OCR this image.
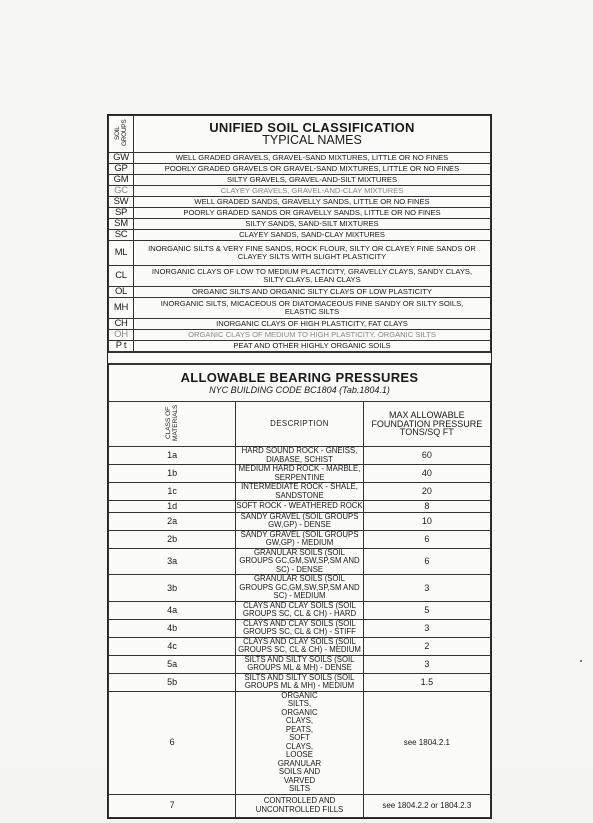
SOIL GROUPS	UNIFIED SOIL CLASSIFICATION
TYPICAL NAMES

GW	WELL GRADED GRAVELS, GRAVEL-SAND MIXTURES, LITTLE OR NO FINES
GP	POORLY GRADED GRAVELS OR GRAVEL-SAND MIXTURES, LITTLE OR NO FINES
GM	SILTY GRAVELS, GRAVEL-AND-SILT MIXTURES
GC	CLAYEY GRAVELS, GRAVEL-AND-CLAY MIXTURES
SW	WELL GRADED SANDS, GRAVELLY SANDS, LITTLE OR NO FINES
SP	POORLY GRADED SANDS OR GRAVELLY SANDS, LITTLE OR NO FINES
SM	SILTY SANDS, SAND-SILT MIXTURES
SC	CLAYEY SANDS, SAND-CLAY MIXTURES
ML	INORGANIC SILTS & VERY FINE SANDS, ROCK FLOUR, SILTY OR CLAYEY FINE SANDS OR CLAYEY SILTS WITH SLIGHT PLASTICITY
CL	INORGANIC CLAYS OF LOW TO MEDIUM PLACTICITY, GRAVELLY CLAYS, SANDY CLAYS, SILTY CLAYS, LEAN CLAYS
OL	ORGANIC SILTS AND ORGANIC SILTY CLAYS OF LOW PLASTICITY
MH	INORGANIC SILTS, MICACEOUS OR DIATOMACEOUS FINE SANDY OR SILTY SOILS, ELASTIC SILTS
CH	INORGANIC CLAYS OF HIGH PLASTICITY, FAT CLAYS
OH	ORGANIC CLAYS OF MEDIUM TO HIGH PLASTICITY, ORGANIC SILTS
P t	PEAT AND OTHER HIGHLY ORGANIC SOILS
ALLOWABLE BEARING PRESSURES
NYC BUILDING CODE BC1804 (Tab.1804.1)		

CLASS OF MATERIALS	DESCRIPTION	MAX ALLOWABLE FOUNDATION PRESSURE TONS/SQ FT
1a	HARD SOUND ROCK - GNEISS, DIABASE, SCHIST	60
1b	MEDIUM HARD ROCK - MARBLE, SERPENTINE	40
1c	INTERMEDIATE ROCK - SHALE, SANDSTONE	20
1d	SOFT ROCK - WEATHERED ROCK	8
2a	SANDY GRAVEL (SOIL GROUPS GW,GP) - DENSE	10
2b	SANDY GRAVEL (SOIL GROUPS GW,GP) - MEDIUM	6
3a	GRANULAR SOILS (SOIL GROUPS GC,GM,SW,SP,SM AND SC) - DENSE	6
3b	GRANULAR SOILS (SOIL GROUPS GC,GM,SW,SP,SM AND SC) - MEDIUM	3
4a	CLAYS AND CLAY SOILS (SOIL GROUPS SC, CL & CH) - HARD	5
4b	CLAYS AND CLAY SOILS (SOIL GROUPS SC, CL & CH) - STIFF	3
4c	CLAYS AND CLAY SOILS (SOIL GROUPS SC, CL & CH) - MEDIUM	2
5a	SILTS AND SILTY SOILS (SOIL GROUPS ML & MH) - DENSE	3
5b	SILTS AND SILTY SOILS (SOIL GROUPS ML & MH) - MEDIUM	1.5
6	ORGANIC SILTS, ORGANIC CLAYS, PEATS, SOFT CLAYS, LOOSE GRANULAR SOILS AND VARVED SILTS	see 1804.2.1
7	CONTROLLED AND UNCONTROLLED FILLS	see 1804.2.2 or 1804.2.3
